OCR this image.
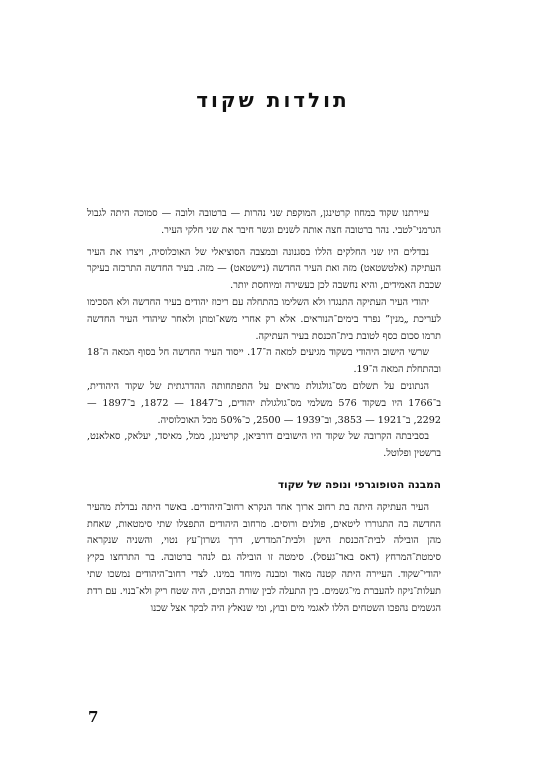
תולדות שקוד

עיירתנו שקוד במחוז קרטינגן, המוקפת שני נהרות — ברטובה ולובה — סמוכה היתה לגבול הגרמני־לטבי. נהר ברטובה חצה אותה לשנים וגשר חיבר את שני חלקי העיר.

נבדלים היו שני החלקים הללו בסגנונה ובמצבה הסוציאלי של האוכלוסיה, ויצרו את העיר העתיקה (אלטשטאט) מזה ואת העיר החדשה (נײשטאט) — מזה. בעיר החדשה התרכזה בעיקר שכבת האמידים, והיא נחשבה לכן כעשירה ומיוחסת יותר.

יהודי העיר העתיקה התנגדו ולא השלימו בהתחלה עם ריכוז יהודים בעיר החדשה ולא הסכימו לעריכת „מנין” נפרד בימים־הנוראים. אלא רק אחרי משא־ומתן ולאחר שיהודי העיר החדשה תרמו סכום כסף לטובת בית־הכנסת בעיר העתיקה.

שרשי הישוב היהודי בשקוד מגיעים למאה ה־17. ייסוד העיר החדשה חל בסוף המאה ה־18 ובהתחלת המאה ה־19.

הנתונים על תשלום מס־גולגולת מראים על התפתחותה ההדרגתית של שקוד היהודית, ב־1766 היו בשקוד 576 משלמי מס־גולגולת יהודים, ב־1847 — 1872, ב־1897 — 2292, ב־1921 — 3853, וב־1939 — 2500, כ־50% מכל האוכלוסיה.

בסביבתה הקרובה של שקוד היו הישובים דורבּיאן, קרטינגן, ממל, מאיסד, יעלאק, סאלאנט, ברשטין ופלוטל.

המבנה הטופוגרפי ונופה של שקוד

העיר העתיקה היתה בת רחוב ארוך אחד הנקרא רחוב־היהודים. באשר היתה נבדלת מהעיר החדשה בה התגוררו ליטאים, פולנים ורוסים. מרחוב היהודים התפצלו שתי סימטאות, שאחת מהן הובילה לבית־הכנסת הישן ולבית־המדרש, דרך גשרון־עץ נטוי, והשניה שנקראה סימטת־המרחץ (דאס באד־געסל). סימטה זו הובילה גם לנהר ברטובה. בר התרחצו בקיץ יהודי־שקוד. העיירה היתה קטנה מאוד ומבנה מיוחד במינו. לצדי רחוב־היהודים נמשכו שתי תעלות־ניקוז להעברת מי־גשמים. בין התעלה לבין שורת הבתים, היה שטח ריק ולא־בנוי. עם רדת הגשמים נהפכו השטחים הללו לאגמי מים ובוץ, ומי שנאלץ היה לבקר אצל שכנו

7
